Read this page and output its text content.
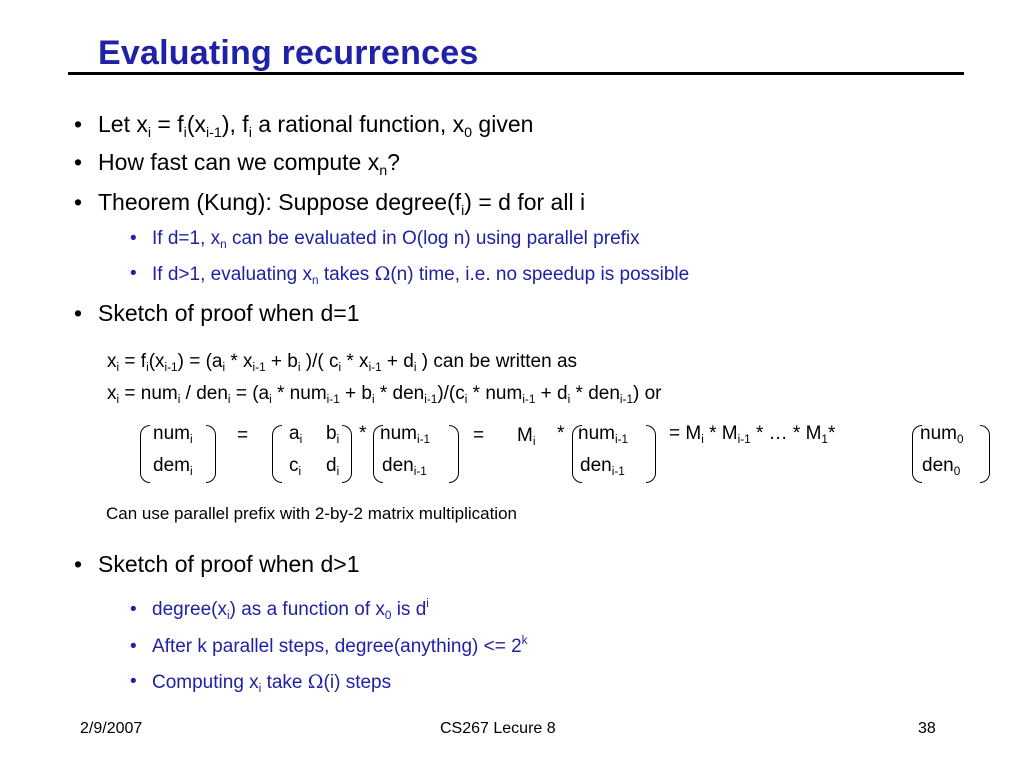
Evaluating recurrences
• Let $x_i = f_i(x_{i-1})$, $f_i$ a rational function, $x_0$ given
• How fast can we compute $x_n$?
• Theorem (Kung): Suppose $degree(f_i) = d$ for all i
• If d=1, $x_n$ can be evaluated in O(log n) using parallel prefix
• If d>1, evaluating $x_n$ takes Ω(n) time, i.e. no speedup is possible
• Sketch of proof when d=1
$x_i = f_i(x_{i-1}) = (a_i * x_{i-1} + b_i$ )/( $c_i * x_{i-1} + d_i$ ) can be written as
$x_i = num_i / den_i = (a_i * num_{i-1} + b_i * den_{i-1})/(c_i * num_{i-1} + d_i * den_{i-1})$ or
num$_i$
dem$_i$
= $a_i$ $b_i$
$c_i$ $d_i$
* num$_{i-1}$
den$_{i-1}$
= $M_i * num_{i-1}$
den$_{i-1}$
= $M_i * M_{i-1}$ * … * $M_1*$	num$_0$
den$_0$
Can use parallel prefix with 2-by-2 matrix multiplication
• Sketch of proof when d>1
• $degree(x_i)$ as a function of $x_0$ is $d^i$
• After k parallel steps, degree(anything) <= $2^k$
• Computing $x_i$ take Ω(i) steps
2/9/2007	CS267 Lecure 8	38
